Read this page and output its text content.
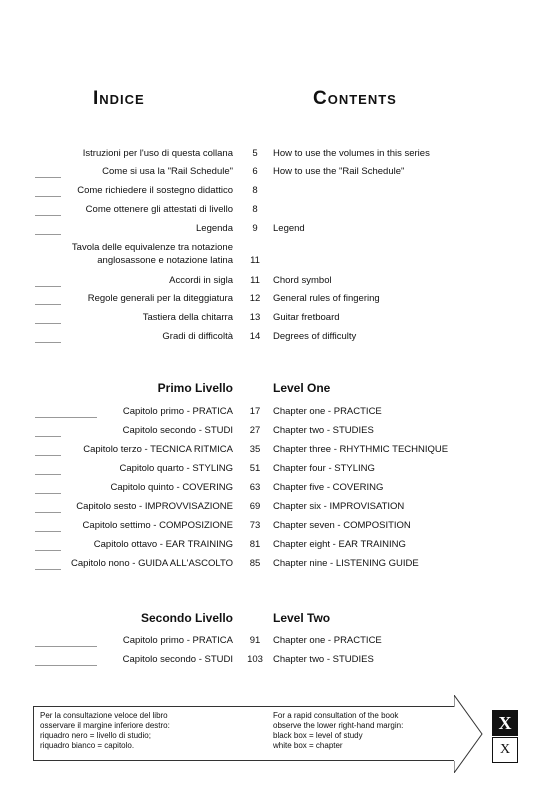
Indice	Contents
Istruzioni per l'uso di questa collana	5	How to use the volumes in this series
Come si usa la "Rail Schedule"	6	How to use the "Rail Schedule"
Come richiedere il sostegno didattico	8
Come ottenere gli attestati di livello	8
Legenda	9	Legend
Tavola delle equivalenze tra notazione
anglosassone e notazione latina	11
Accordi in sigla	11	Chord symbol
Regole generali per la diteggiatura	12	General rules of fingering
Tastiera della chitarra	13	Guitar fretboard
Gradi di difficoltà	14	Degrees of difficulty
Primo Livello	Level One
Capitolo primo - PRATICA	17	Chapter one - PRACTICE
Capitolo secondo - STUDI	27	Chapter two - STUDIES
Capitolo terzo - TECNICA RITMICA	35	Chapter three - RHYTHMIC TECHNIQUE
Capitolo quarto - STYLING	51	Chapter four - STYLING
Capitolo quinto - COVERING	63	Chapter five - COVERING
Capitolo sesto - IMPROVVISAZIONE	69	Chapter six - IMPROVISATION
Capitolo settimo - COMPOSIZIONE	73	Chapter seven - COMPOSITION
Capitolo ottavo - EAR TRAINING	81	Chapter eight - EAR TRAINING
Capitolo nono - GUIDA ALL'ASCOLTO	85	Chapter nine - LISTENING GUIDE
Secondo Livello	Level Two
Capitolo primo - PRATICA	91	Chapter one - PRACTICE
Capitolo secondo - STUDI	103	Chapter two - STUDIES
Per la consultazione veloce del libro
osservare il margine inferiore destro:
riquadro nero = livello di studio;
riquadro bianco = capitolo.
For a rapid consultation of the book
observe the lower right-hand margin:
black box = level of study
white box = chapter
X
X
